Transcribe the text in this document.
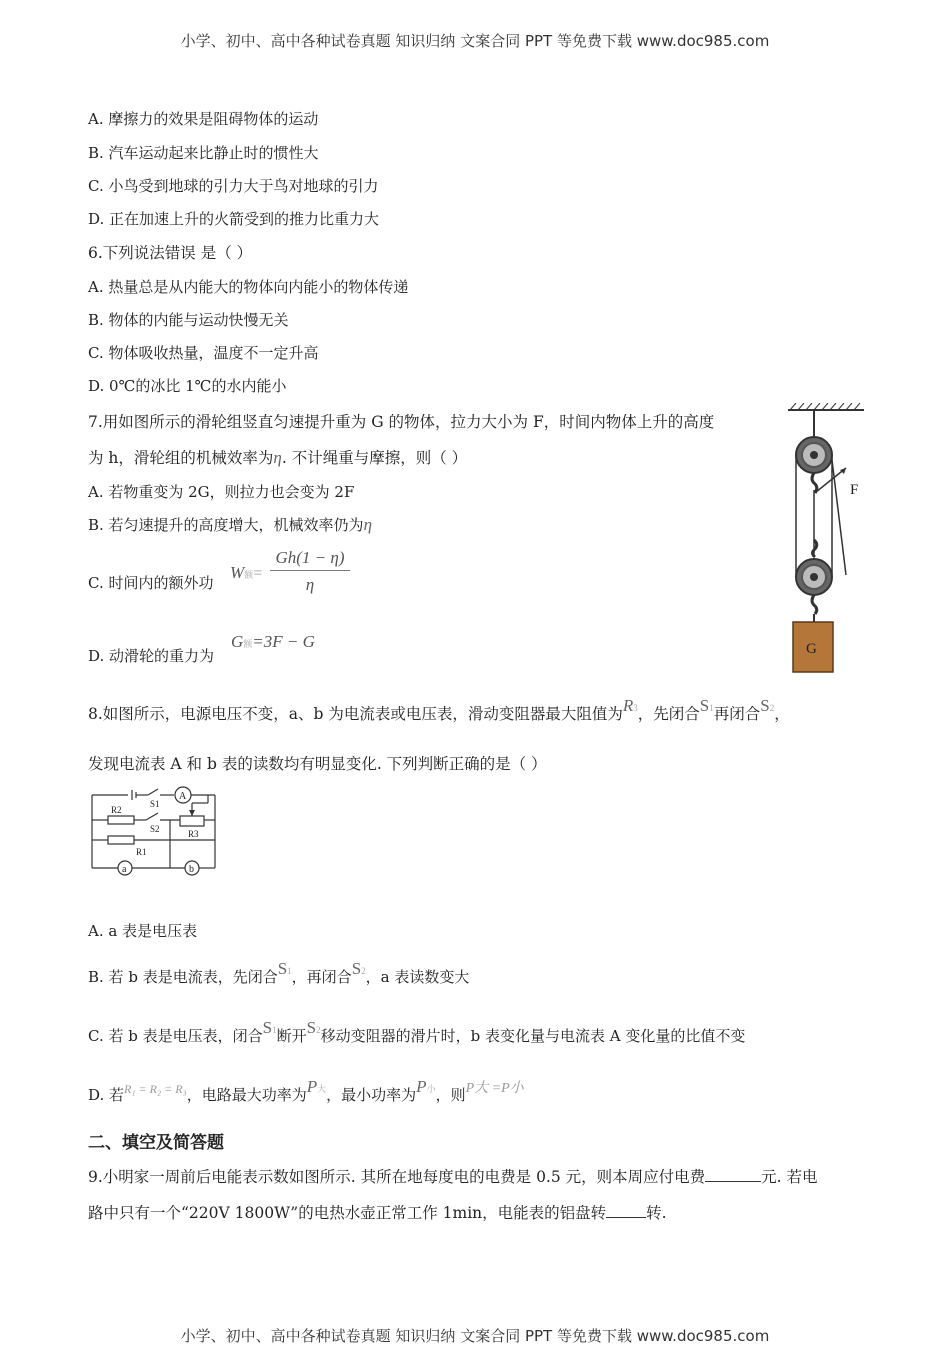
小学、初中、高中各种试卷真题 知识归纳 文案合同 PPT 等免费下载 www.doc985.com
小学、初中、高中各种试卷真题 知识归纳 文案合同 PPT 等免费下载 www.doc985.com
A. 摩擦力的效果是阻碍物体的运动
B. 汽车运动起来比静止时的惯性大
C. 小鸟受到地球的引力大于鸟对地球的引力
D. 正在加速上升的火箭受到的推力比重力大
6.下列说法错误 是（ ）
A. 热量总是从内能大的物体向内能小的物体传递
B. 物体的内能与运动快慢无关
C. 物体吸收热量，温度不一定升高
D. 0℃的冰比 1℃的水内能小
7.用如图所示的滑轮组竖直匀速提升重为 G 的物体，拉力大小为 F，时间内物体上升的高度
为 h，滑轮组的机械效率为η. 不计绳重与摩擦，则（ ）
A. 若物重变为 2G，则拉力也会变为 2F
B. 若匀速提升的高度增大，机械效率仍为η
C. 时间内的额外功
W额=
Gh(1 − η)
η
D. 动滑轮的重力为
G额=3F − G
F
G
8.如图所示，电源电压不变，a、b 为电流表或电压表，滑动变阻器最大阻值为R3，先闭合S1再闭合S2，
发现电流表 A 和 b 表的读数均有明显变化. 下列判断正确的是（ ）
A
R2
S1
S2	R3
R1
a	b
A. a 表是电压表
B. 若 b 表是电流表，先闭合S1，再闭合S2，a 表读数变大
C. 若 b 表是电压表，闭合S1断开S2移动变阻器的滑片时，b 表变化量与电流表 A 变化量的比值不变
D. 若$^{R_1 = R_2 = R_3}$，电路最大功率为P大，最小功率为P小，则P大 =P小
二、填空及简答题
9.小明家一周前后电能表示数如图所示. 其所在地每度电的电费是 0.5 元，则本周应付电费	元. 若电
路中只有一个“220V 1800W”的电热水壶正常工作 1min，电能表的铝盘转	转.
